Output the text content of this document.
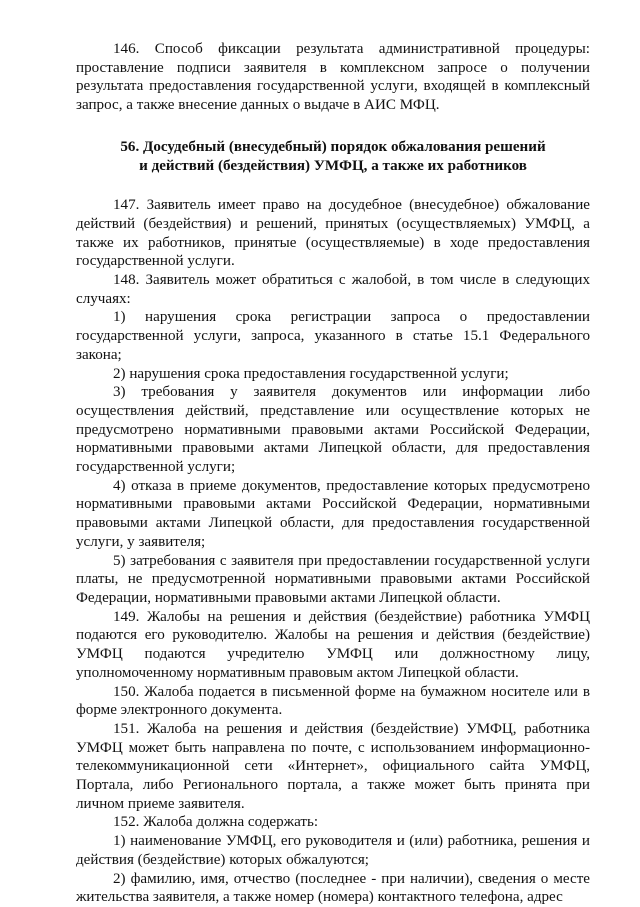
146. Способ фиксации результата административной процедуры: проставление подписи заявителя в комплексном запросе о получении результата предоставления государственной услуги, входящей в комплексный запрос, а также внесение данных о выдаче в АИС МФЦ.

56. Досудебный (внесудебный) порядок обжалования решений
и действий (бездействия) УМФЦ, а также их работников

147. Заявитель имеет право на досудебное (внесудебное) обжалование действий (бездействия) и решений, принятых (осуществляемых) УМФЦ, а также их работников, принятые (осуществляемые) в ходе предоставления государственной услуги.

148. Заявитель может обратиться с жалобой, в том числе в следующих случаях:

1) нарушения срока регистрации запроса о предоставлении государственной услуги, запроса, указанного в статье 15.1 Федерального закона;

2) нарушения срока предоставления государственной услуги;

3) требования у заявителя документов или информации либо осуществления действий, представление или осуществление которых не предусмотрено нормативными правовыми актами Российской Федерации, нормативными правовыми актами Липецкой области, для предоставления государственной услуги;

4) отказа в приеме документов, предоставление которых предусмотрено нормативными правовыми актами Российской Федерации, нормативными правовыми актами Липецкой области, для предоставления государственной услуги, у заявителя;

5) затребования с заявителя при предоставлении государственной услуги платы, не предусмотренной нормативными правовыми актами Российской Федерации, нормативными правовыми актами Липецкой области.

149. Жалобы на решения и действия (бездействие) работника УМФЦ подаются его руководителю. Жалобы на решения и действия (бездействие) УМФЦ подаются учредителю УМФЦ или должностному лицу, уполномоченному нормативным правовым актом Липецкой области.

150. Жалоба подается в письменной форме на бумажном носителе или в форме электронного документа.

151. Жалоба на решения и действия (бездействие) УМФЦ, работника УМФЦ может быть направлена по почте, с использованием информационно-телекоммуникационной сети «Интернет», официального сайта УМФЦ, Портала, либо Регионального портала, а также может быть принята при личном приеме заявителя.

152. Жалоба должна содержать:

1) наименование УМФЦ, его руководителя и (или) работника, решения и действия (бездействие) которых обжалуются;

2) фамилию, имя, отчество (последнее - при наличии), сведения о месте жительства заявителя, а также номер (номера) контактного телефона, адрес
